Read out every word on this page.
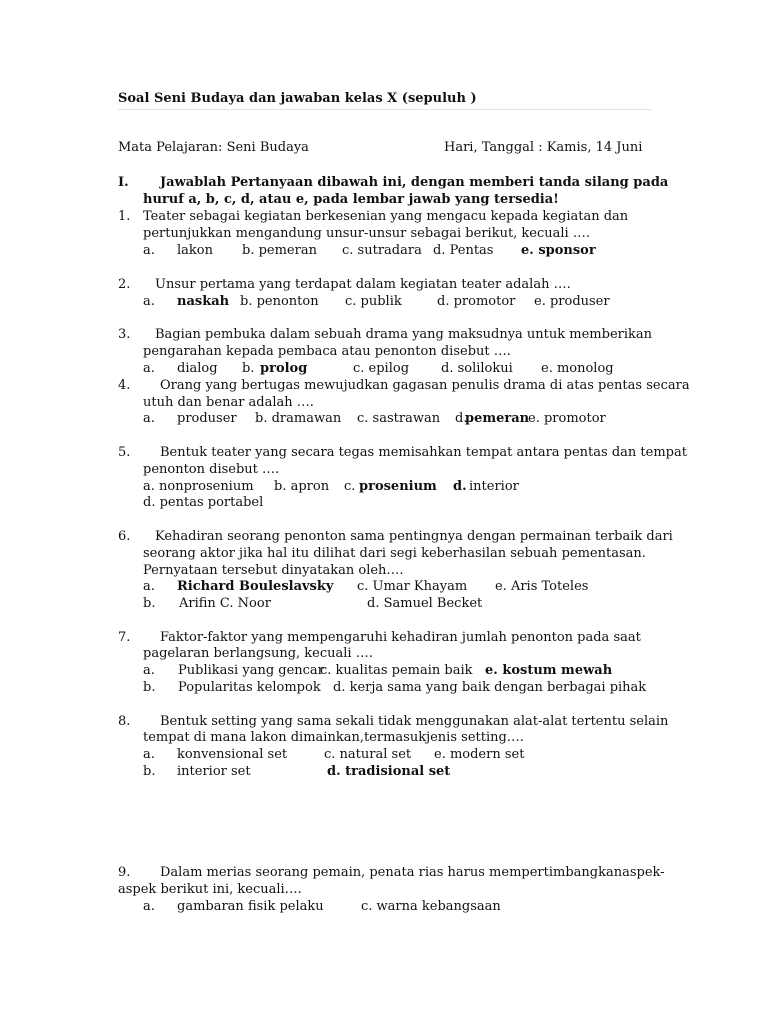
Soal Seni Budaya dan jawaban kelas X (sepuluh )
Mata Pelajaran: Seni Budaya	Hari, Tanggal : Kamis, 14 Juni
I. Jawablah Pertanyaan dibawah ini, dengan memberi tanda silang pada
huruf a, b, c, d, atau e, pada lembar jawab yang tersedia!
1. Teater sebagai kegiatan berkesenian yang mengacu kepada kegiatan dan
pertunjukkan mengandung unsur-unsur sebagai berikut, kecuali ….
a. lakon b. pemeran c. sutradara d. Pentas e. sponsor
2. Unsur pertama yang terdapat dalam kegiatan teater adalah ….
a. naskah b. penonton c. publik	d. promotor e. produser
3. Bagian pembuka dalam sebuah drama yang maksudnya untuk memberikan
pengarahan kepada pembaca atau penonton disebut ….
a. dialog b. prolog	c. epilog d. solilokui e. monolog
4. Orang yang bertugas mewujudkan gagasan penulis drama di atas pentas secara
utuh dan benar adalah ….
a. produser b. dramawan c. sastrawan d.
pemeran
e. promotor
5. Bentuk teater yang secara tegas memisahkan tempat antara pentas dan tempat
penonton disebut ….
a. nonprosenium b. apron c. prosenium d. interior
d. pentas portabel
6. Kehadiran seorang penonton sama pentingnya dengan permainan terbaik dari
seorang aktor jika hal itu dilihat dari segi keberhasilan sebuah pementasan.
Pernyataan tersebut dinyatakan oleh….
a. Richard Bouleslavsky c. Umar Khayam e. Aris Toteles
b. Arifin C. Noor	d. Samuel Becket
7. Faktor-faktor yang mempengaruhi kehadiran jumlah penonton pada saat
pagelaran berlangsung, kecuali ….
a. Publikasi yang gencar
c. kualitas pemain baik e. kostum mewah
b. Popularitas kelompok d. kerja sama yang baik dengan berbagai pihak
8. Bentuk setting yang sama sekali tidak menggunakan alat-alat tertentu selain
tempat di mana lakon dimainkan,termasukjenis setting….
a. konvensional set	c. natural set e. modern set
b. interior set	d. tradisional set
9. Dalam merias seorang pemain, penata rias harus mempertimbangkanaspek-
aspek berikut ini, kecuali….
a. gambaran fisik pelaku	c. warna kebangsaan
